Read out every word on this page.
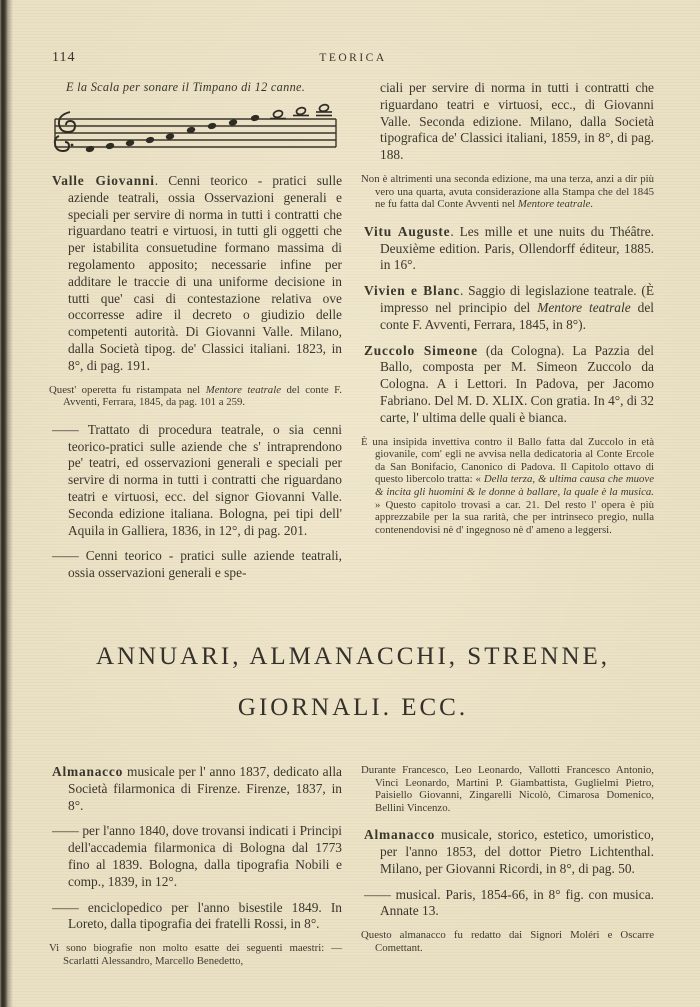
114	TEORICA

E la Scala per sonare il Timpano di 12 canne.

Valle Giovanni. Cenni teorico - pratici sulle aziende teatrali, ossia Osservazioni generali e speciali per servire di norma in tutti i contratti che riguardano teatri e virtuosi, in tutti gli oggetti che per istabilita consuetudine formano massima di regolamento apposito; necessarie infine per additare le traccie di una uniforme decisione in tutti que' casi di contestazione relativa ove occorresse adire il decreto o giudizio delle competenti autorità. Di Giovanni Valle. Milano, dalla Società tipog. de' Classici italiani. 1823, in 8°, di pag. 191.

Quest' operetta fu ristampata nel Mentore teatrale del conte F. Avventi, Ferrara, 1845, da pag. 101 a 259.

—— Trattato di procedura teatrale, o sia cenni teorico-pratici sulle aziende che s' intraprendono pe' teatri, ed osservazioni generali e speciali per servire di norma in tutti i contratti che riguardano teatri e virtuosi, ecc. del signor Giovanni Valle. Seconda edizione italiana. Bologna, pei tipi dell' Aquila in Galliera, 1836, in 12°, di pag. 201.

—— Cenni teorico - pratici sulle aziende teatrali, ossia osservazioni generali e spe-

ciali per servire di norma in tutti i contratti che riguardano teatri e virtuosi, ecc., di Giovanni Valle. Seconda edizione. Milano, dalla Società tipografica de' Classici italiani, 1859, in 8°, di pag. 188.

Non è altrimenti una seconda edizione, ma una terza, anzi a dir più vero una quarta, avuta considerazione alla Stampa che del 1845 ne fu fatta dal Conte Avventi nel Mentore teatrale.

Vitu Auguste. Les mille et une nuits du Théâtre. Deuxième edition. Paris, Ollendorff éditeur, 1885. in 16°.

Vivien e Blanc. Saggio di legislazione teatrale. (È impresso nel principio del Mentore teatrale del conte F. Avventi, Ferrara, 1845, in 8°).

Zuccolo Simeone (da Cologna). La Pazzia del Ballo, composta per M. Simeon Zuccolo da Cologna. A i Lettori. In Padova, per Jacomo Fabriano. Del M. D. XLIX. Con gratia. In 4°, di 32 carte, l' ultima delle quali è bianca.

È una insipida invettiva contro il Ballo fatta dal Zuccolo in età giovanile, com' egli ne avvisa nella dedicatoria al Conte Ercole da San Bonifacio, Canonico di Padova. Il Capitolo ottavo di questo libercolo tratta: « Della terza, & ultima causa che muove & incita gli huomini & le donne à ballare, la quale è la musica. » Questo capitolo trovasi a car. 21. Del resto l' opera è più apprezzabile per la sua rarità, che per intrinseco pregio, nulla contenendovisi nè d' ingegnoso nè d' ameno a leggersi.

ANNUARI, ALMANACCHI, STRENNE,
GIORNALI. ECC.

Almanacco musicale per l' anno 1837, dedicato alla Società filarmonica di Firenze. Firenze, 1837, in 8°.

—— per l'anno 1840, dove trovansi indicati i Principi dell'accademia filarmonica di Bologna dal 1773 fino al 1839. Bologna, dalla tipografia Nobili e comp., 1839, in 12°.

—— enciclopedico per l'anno bisestile 1849. In Loreto, dalla tipografia dei fratelli Rossi, in 8°.

Vi sono biografie non molto esatte dei seguenti maestri: — Scarlatti Alessandro, Marcello Benedetto,

Durante Francesco, Leo Leonardo, Vallotti Francesco Antonio, Vinci Leonardo, Martini P. Giambattista, Guglielmi Pietro, Paisiello Giovanni, Zingarelli Nicolò, Cimarosa Domenico, Bellini Vincenzo.

Almanacco musicale, storico, estetico, umoristico, per l'anno 1853, del dottor Pietro Lichtenthal. Milano, per Giovanni Ricordi, in 8°, di pag. 50.

—— musical. Paris, 1854-66, in 8° fig. con musica. Annate 13.

Questo almanacco fu redatto dai Signori Moléri e Oscarre Comettant.
